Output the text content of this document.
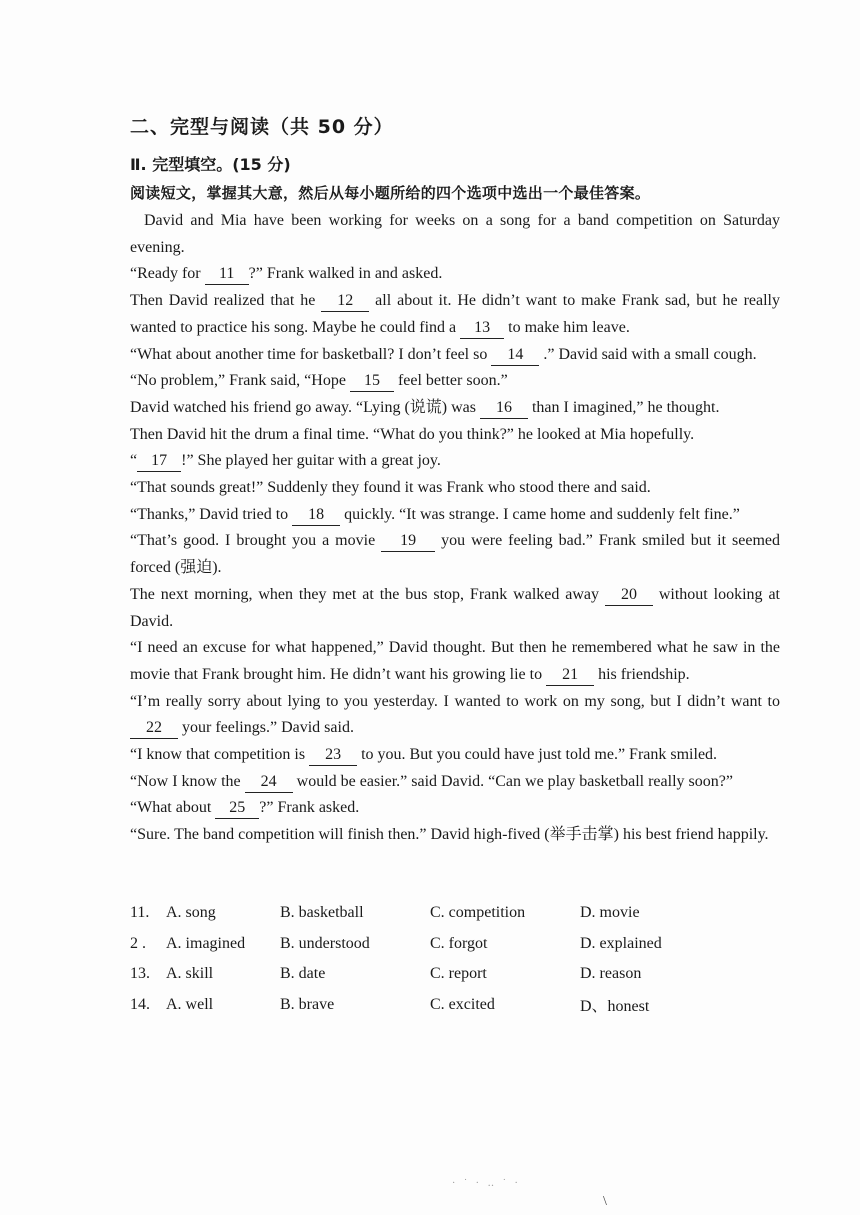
二、完型与阅读（共 50 分）
Ⅱ. 完型填空。(15 分)
阅读短文，掌握其大意，然后从每小题所给的四个选项中选出一个最佳答案。

David and Mia have been working for weeks on a song for a band competition on Saturday evening.

“Ready for 11 ?” Frank walked in and asked.

Then David realized that he 12 all about it. He didn’t want to make Frank sad, but he really wanted to practice his song. Maybe he could find a 13 to make him leave.

“What about another time for basketball? I don’t feel so 14 .” David said with a small cough.

“No problem,” Frank said, “Hope 15 feel better soon.”

David watched his friend go away. “Lying (说谎) was 16 than I imagined,” he thought.

Then David hit the drum a final time. “What do you think?” he looked at Mia hopefully.

“ 17 !” She played her guitar with a great joy.

“That sounds great!” Suddenly they found it was Frank who stood there and said.

“Thanks,” David tried to 18 quickly. “It was strange. I came home and suddenly felt fine.”

“That’s good. I brought you a movie 19 you were feeling bad.” Frank smiled but it seemed forced (强迫).

The next morning, when they met at the bus stop, Frank walked away 20 without looking at David.

“I need an excuse for what happened,” David thought. But then he remembered what he saw in the movie that Frank brought him. He didn’t want his growing lie to 21 his friendship.

“I’m really sorry about lying to you yesterday. I wanted to work on my song, but I didn’t want to 22 your feelings.” David said.

“I know that competition is 23 to you. But you could have just told me.” Frank smiled.

“Now I know the 24 would be easier.” said David. “Can we play basketball really soon?”

“What about 25 ?” Frank asked.

“Sure. The band competition will finish then.” David high-fived (举手击掌) his best friend happily.

11.	A. song	B. basketball	C. competition	D. movie
2 .	A. imagined	B. understood	C. forgot	D. explained
13.	A. skill	B. date	C. report	D. reason
14.	A. well	B. brave	C. excited	D、honest
· ˙ · ‥ ˙ ·
\
